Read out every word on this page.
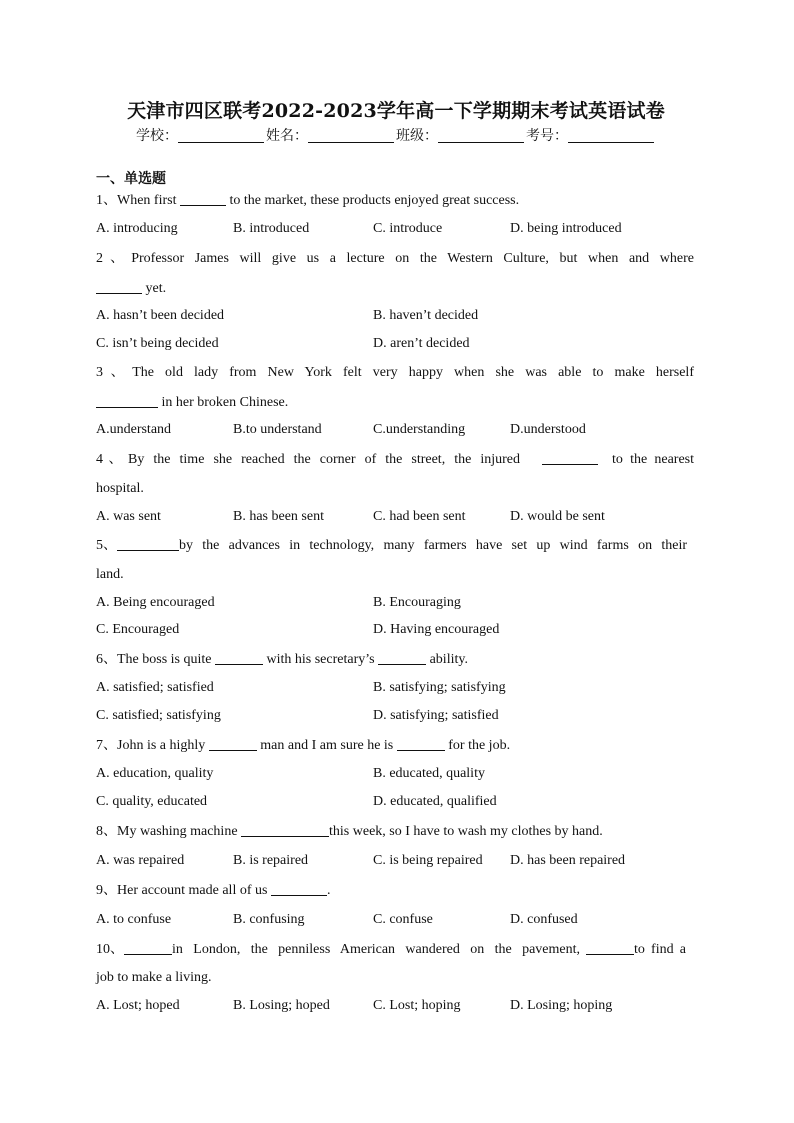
天津市四区联考2022-2023学年高一下学期期末考试英语试卷
学校：	姓名：	班级：	考号：
一、单选题
1、When first	to the market, these products enjoyed great success.
A. introducing	B. introduced	C. introduce	D. being introduced
2、Professor James will give us a lecture on the Western Culture, but when and where
yet.
A. hasn’t been decided	B. haven’t decided
C. isn’t being decided	D. aren’t decided
3、The old lady from New York felt very happy when she was able to make herself
in her broken Chinese.
A.understand	B.to understand	C.understanding	D.understood
4、By the time she reached the corner of the street, the injured	to the nearest
hospital.
A. was sent	B. has been sent	C. had been sent	D. would be sent
5、	by the advances in technology, many farmers have set up wind farms on their
land.
A. Being encouraged	B. Encouraging
C. Encouraged	D. Having encouraged
6、The boss is quite	with his secretary’s	ability.
A. satisfied; satisfied	B. satisfying; satisfying
C. satisfied; satisfying	D. satisfying; satisfied
7、John is a highly	man and I am sure he is	for the job.
A. education, quality	B. educated, quality
C. quality, educated	D. educated, qualified
8、My washing machine	this week, so I have to wash my clothes by hand.
A. was repaired	B. is repaired	C. is being repaired D. has been repaired
9、Her account made all of us	.
A. to confuse	B. confusing	C. confuse	D. confused
10、	in London, the penniless American wandered on the pavement,	to find a
job to make a living.
A. Lost; hoped	B. Losing; hoped	C. Lost; hoping	D. Losing; hoping
